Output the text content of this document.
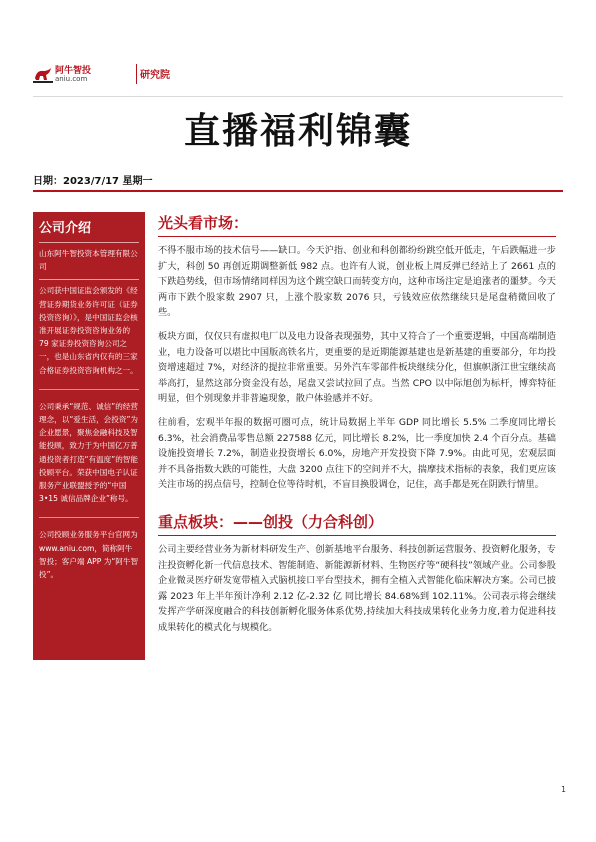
阿牛智投
aniu.com	研究院
直播福利锦囊
日期：2023/7/17 星期一
公司介绍

山东阿牛智投资本管理有限公司

公司获中国证监会颁发的《经营证券期货业务许可证（证券投资咨询）》，是中国证监会核准开展证券投资咨询业务的 79 家证券投资咨询公司之一，也是山东省内仅有的三家合格证券投资咨询机构之一。

公司秉承“规范、诚信”的经营理念，以“爱生活，会投资”为企业愿景，聚焦金融科技及智能投顾，致力于为中国亿万普通投资者打造“有温度”的智能投顾平台。荣获中国电子认证服务产业联盟授予的“中国 3•15 诚信品牌企业”称号。

公司投顾业务服务平台官网为 www.aniu.com，简称阿牛智投；客户端 APP 为“阿牛智投”。

光头看市场：

不得不服市场的技术信号——缺口。今天沪指、创业和科创都纷纷跳空低开低走，午后跌幅进一步扩大，科创 50 再创近期调整新低 982 点。也许有人说，创业板上周反弹已经站上了 2661 点的下跌趋势线，但市场情绪同样因为这个跳空缺口而转变方向，这种市场注定是追涨者的噩梦。今天两市下跌个股家数 2907 只，上涨个股家数 2076 只，亏钱效应依然继续只是尾盘稍微回收了些。

板块方面，仅仅只有虚拟电厂以及电力设备表现强势，其中又符合了一个重要逻辑，中国高端制造业，电力设备可以堪比中国版高铁名片，更重要的是近期能源基建也是新基建的重要部分，年均投资增速超过 7%，对经济的提拉非常重要。另外汽车零部件板块继续分化，但旗帜浙江世宝继续高举高打，显然这部分资金没有怂，尾盘又尝试拉回了点。当然 CPO 以中际旭创为标杆，博弈特征明显，但个别现象并非普遍现象，散户体验感并不好。

往前看，宏观半年报的数据可圈可点，统计局数据上半年 GDP 同比增长 5.5% 二季度同比增长 6.3%，社会消费品零售总额 227588 亿元，同比增长 8.2%，比一季度加快 2.4 个百分点。基础设施投资增长 7.2%，制造业投资增长 6.0%，房地产开发投资下降 7.9%。由此可见，宏观层面并不具备指数大跌的可能性，大盘 3200 点往下的空间并不大，揣摩技术指标的表象，我们更应该关注市场的拐点信号，控制仓位等待时机，不盲目换股调仓，记住，高手都是死在阴跌行情里。

重点板块：——创投（力合科创）

公司主要经营业务为新材料研发生产、创新基地平台服务、科技创新运营服务、投资孵化服务，专注投资孵化新一代信息技术、智能制造、新能源新材料、生物医疗等“硬科技”领域产业。公司参股企业微灵医疗研发宽带植入式脑机接口平台型技术，拥有全植入式智能化临床解决方案。公司已披露 2023 年上半年预计净利 2.12 亿-2.32 亿 同比增长 84.68%到 102.11%。公司表示将会继续发挥产学研深度融合的科技创新孵化服务体系优势,持续加大科技成果转化业务力度,着力促进科技成果转化的模式化与规模化。

1
